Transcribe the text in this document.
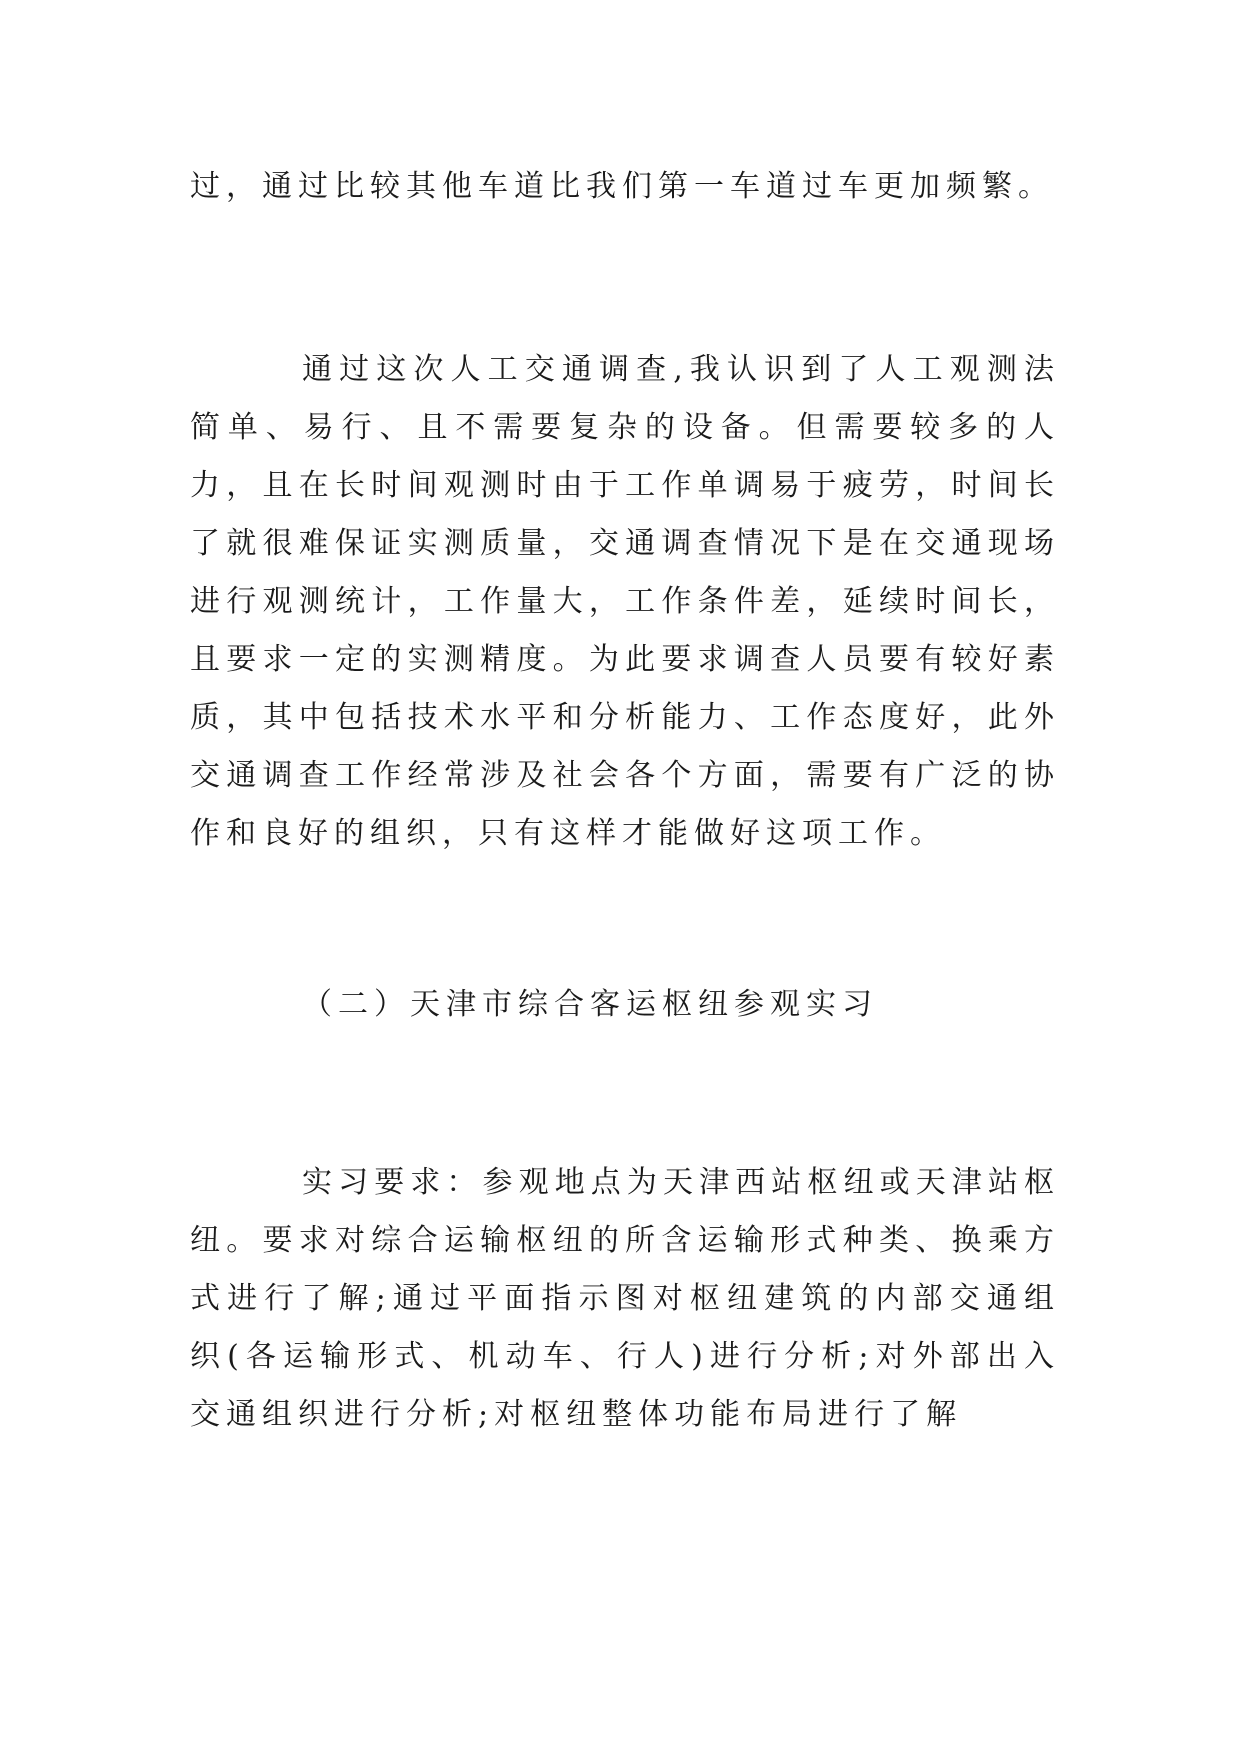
过，通过比较其他车道比我们第一车道过车更加频繁。

通过这次人工交通调查,我认识到了人工观测法简单、易行、且不需要复杂的设备。但需要较多的人力，且在长时间观测时由于工作单调易于疲劳，时间长了就很难保证实测质量，交通调查情况下是在交通现场进行观测统计，工作量大，工作条件差，延续时间长，且要求一定的实测精度。为此要求调查人员要有较好素质，其中包括技术水平和分析能力、工作态度好，此外交通调查工作经常涉及社会各个方面，需要有广泛的协作和良好的组织，只有这样才能做好这项工作。

（二）天津市综合客运枢纽参观实习

实习要求：参观地点为天津西站枢纽或天津站枢纽。要求对综合运输枢纽的所含运输形式种类、换乘方式进行了解;通过平面指示图对枢纽建筑的内部交通组织(各运输形式、机动车、行人)进行分析;对外部出入交通组织进行分析;对枢纽整体功能布局进行了解
